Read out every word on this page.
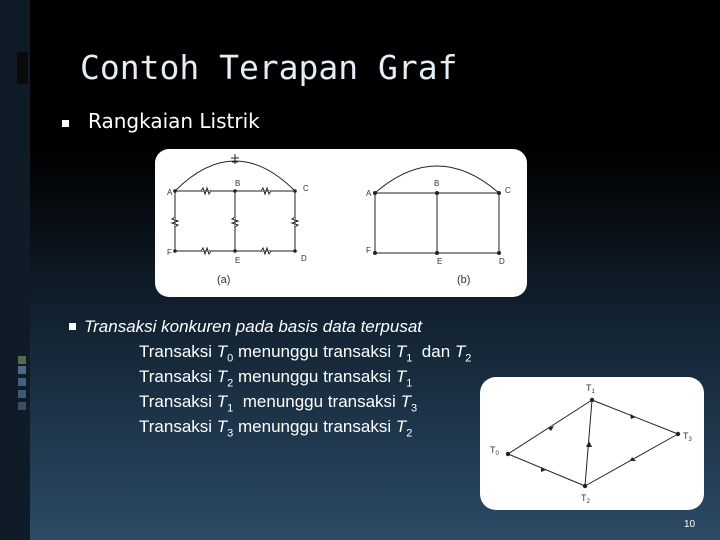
Contoh Terapan Graf
Rangkaian Listrik
A
B
C
F
E	D
A
B
C
F
E	D
(a)	(b)
Transaksi konkuren pada basis data terpusat
Transaksi $T_0$ menunggu transaksi $T_1$  dan $T_2$
Transaksi $T_2$ menunggu transaksi $T_1$
Transaksi $T_1$  menunggu transaksi $T_3$
Transaksi $T_3$ menunggu transaksi $T_2$
$T_1$
$T_0$
$T_3$
$T_2$
10
